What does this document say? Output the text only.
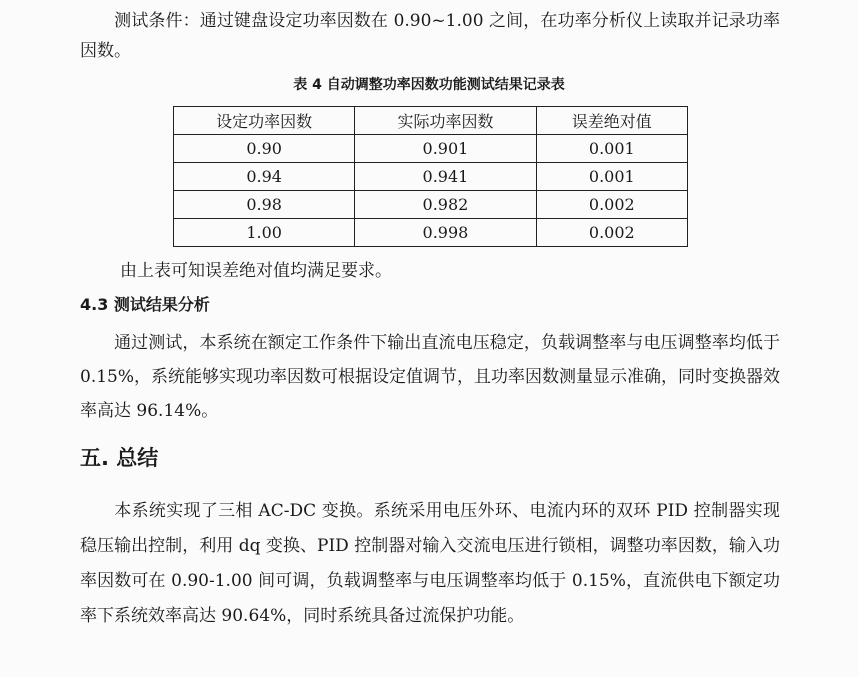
测试条件：通过键盘设定功率因数在 0.90~1.00 之间，在功率分析仪上读取并记录功率因数。

表 4 自动调整功率因数功能测试结果记录表
设定功率因数	实际功率因数	误差绝对值
0.90	0.901	0.001
0.94	0.941	0.001
0.98	0.982	0.002
1.00	0.998	0.002
由上表可知误差绝对值均满足要求。
4.3 测试结果分析

通过测试，本系统在额定工作条件下输出直流电压稳定，负载调整率与电压调整率均低于 0.15%，系统能够实现功率因数可根据设定值调节，且功率因数测量显示准确，同时变换器效率高达 96.14%。

五. 总结

本系统实现了三相 AC-DC 变换。系统采用电压外环、电流内环的双环 PID 控制器实现稳压输出控制，利用 dq 变换、PID 控制器对输入交流电压进行锁相，调整功率因数，输入功率因数可在 0.90-1.00 间可调，负载调整率与电压调整率均低于 0.15%，直流供电下额定功率下系统效率高达 90.64%，同时系统具备过流保护功能。
